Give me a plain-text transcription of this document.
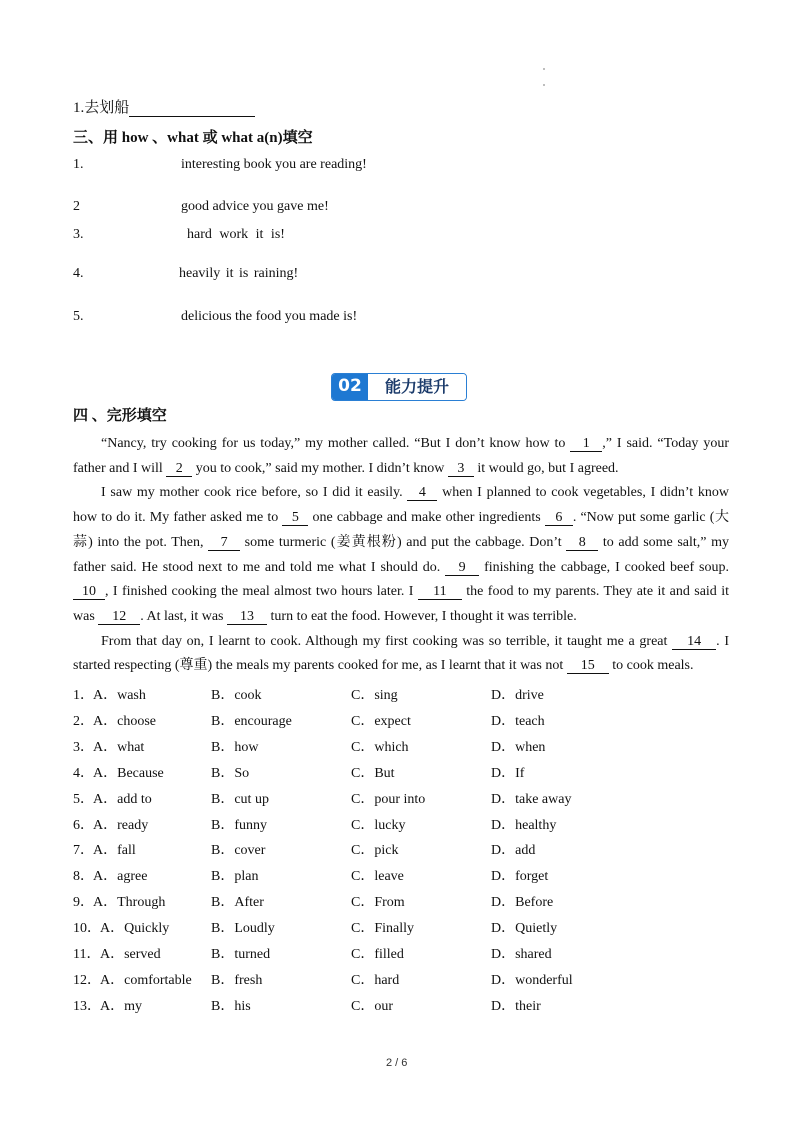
1.去划船
三、用 how 、what 或 what a(n)填空
1.	interesting book you are reading!
2	good advice you gave me!
3.	hard work it is!
4.	heavily it is raining!
5.	delicious the food you made is!
02	能力提升
四 、完形填空

“Nancy, try cooking for us today,” my mother called. “But I don’t know how to 1 ,” I said. “Today your father and I will 2 you to cook,” said my mother. I didn’t know 3 it would go, but I agreed.

I saw my mother cook rice before, so I did it easily. 4 when I planned to cook vegetables, I didn’t know how to do it. My father asked me to 5 one cabbage and make other ingredients 6 . “Now put some garlic (大蒜) into the pot. Then, 7 some turmeric (姜黄根粉) and put the cabbage. Don’t 8 to add some salt,” my father said. He stood next to me and told me what I should do. 9 finishing the cabbage, I cooked beef soup. 10 , I finished cooking the meal almost two hours later. I 11 the food to my parents. They ate it and said it was 12 . At last, it was 13 turn to eat the food. However, I thought it was terrible.

From that day on, I learnt to cook. Although my first cooking was so terrible, it taught me a great 14 . I started respecting (尊重) the meals my parents cooked for me, as I learnt that it was not 15 to cook meals.

1． A．wash	B．cook	C．sing	D．drive
2． A．choose	B．encourage	C．expect	D．teach
3． A．what	B．how	C．which	D．when
4． A．Because	B．So	C．But	D．If
5． A．add to	B．cut up	C．pour into	D．take away
6． A．ready	B．funny	C．lucky	D．healthy
7． A．fall	B．cover	C．pick	D．add
8． A．agree	B．plan	C．leave	D．forget
9． A．Through	B．After	C．From	D．Before
10． A．Quickly	B．Loudly	C．Finally	D．Quietly
11． A．served	B．turned	C．filled	D．shared
12． A．comfortable B．fresh	C．hard	D．wonderful
13． A．my	B．his	C．our	D．their
2 / 6
